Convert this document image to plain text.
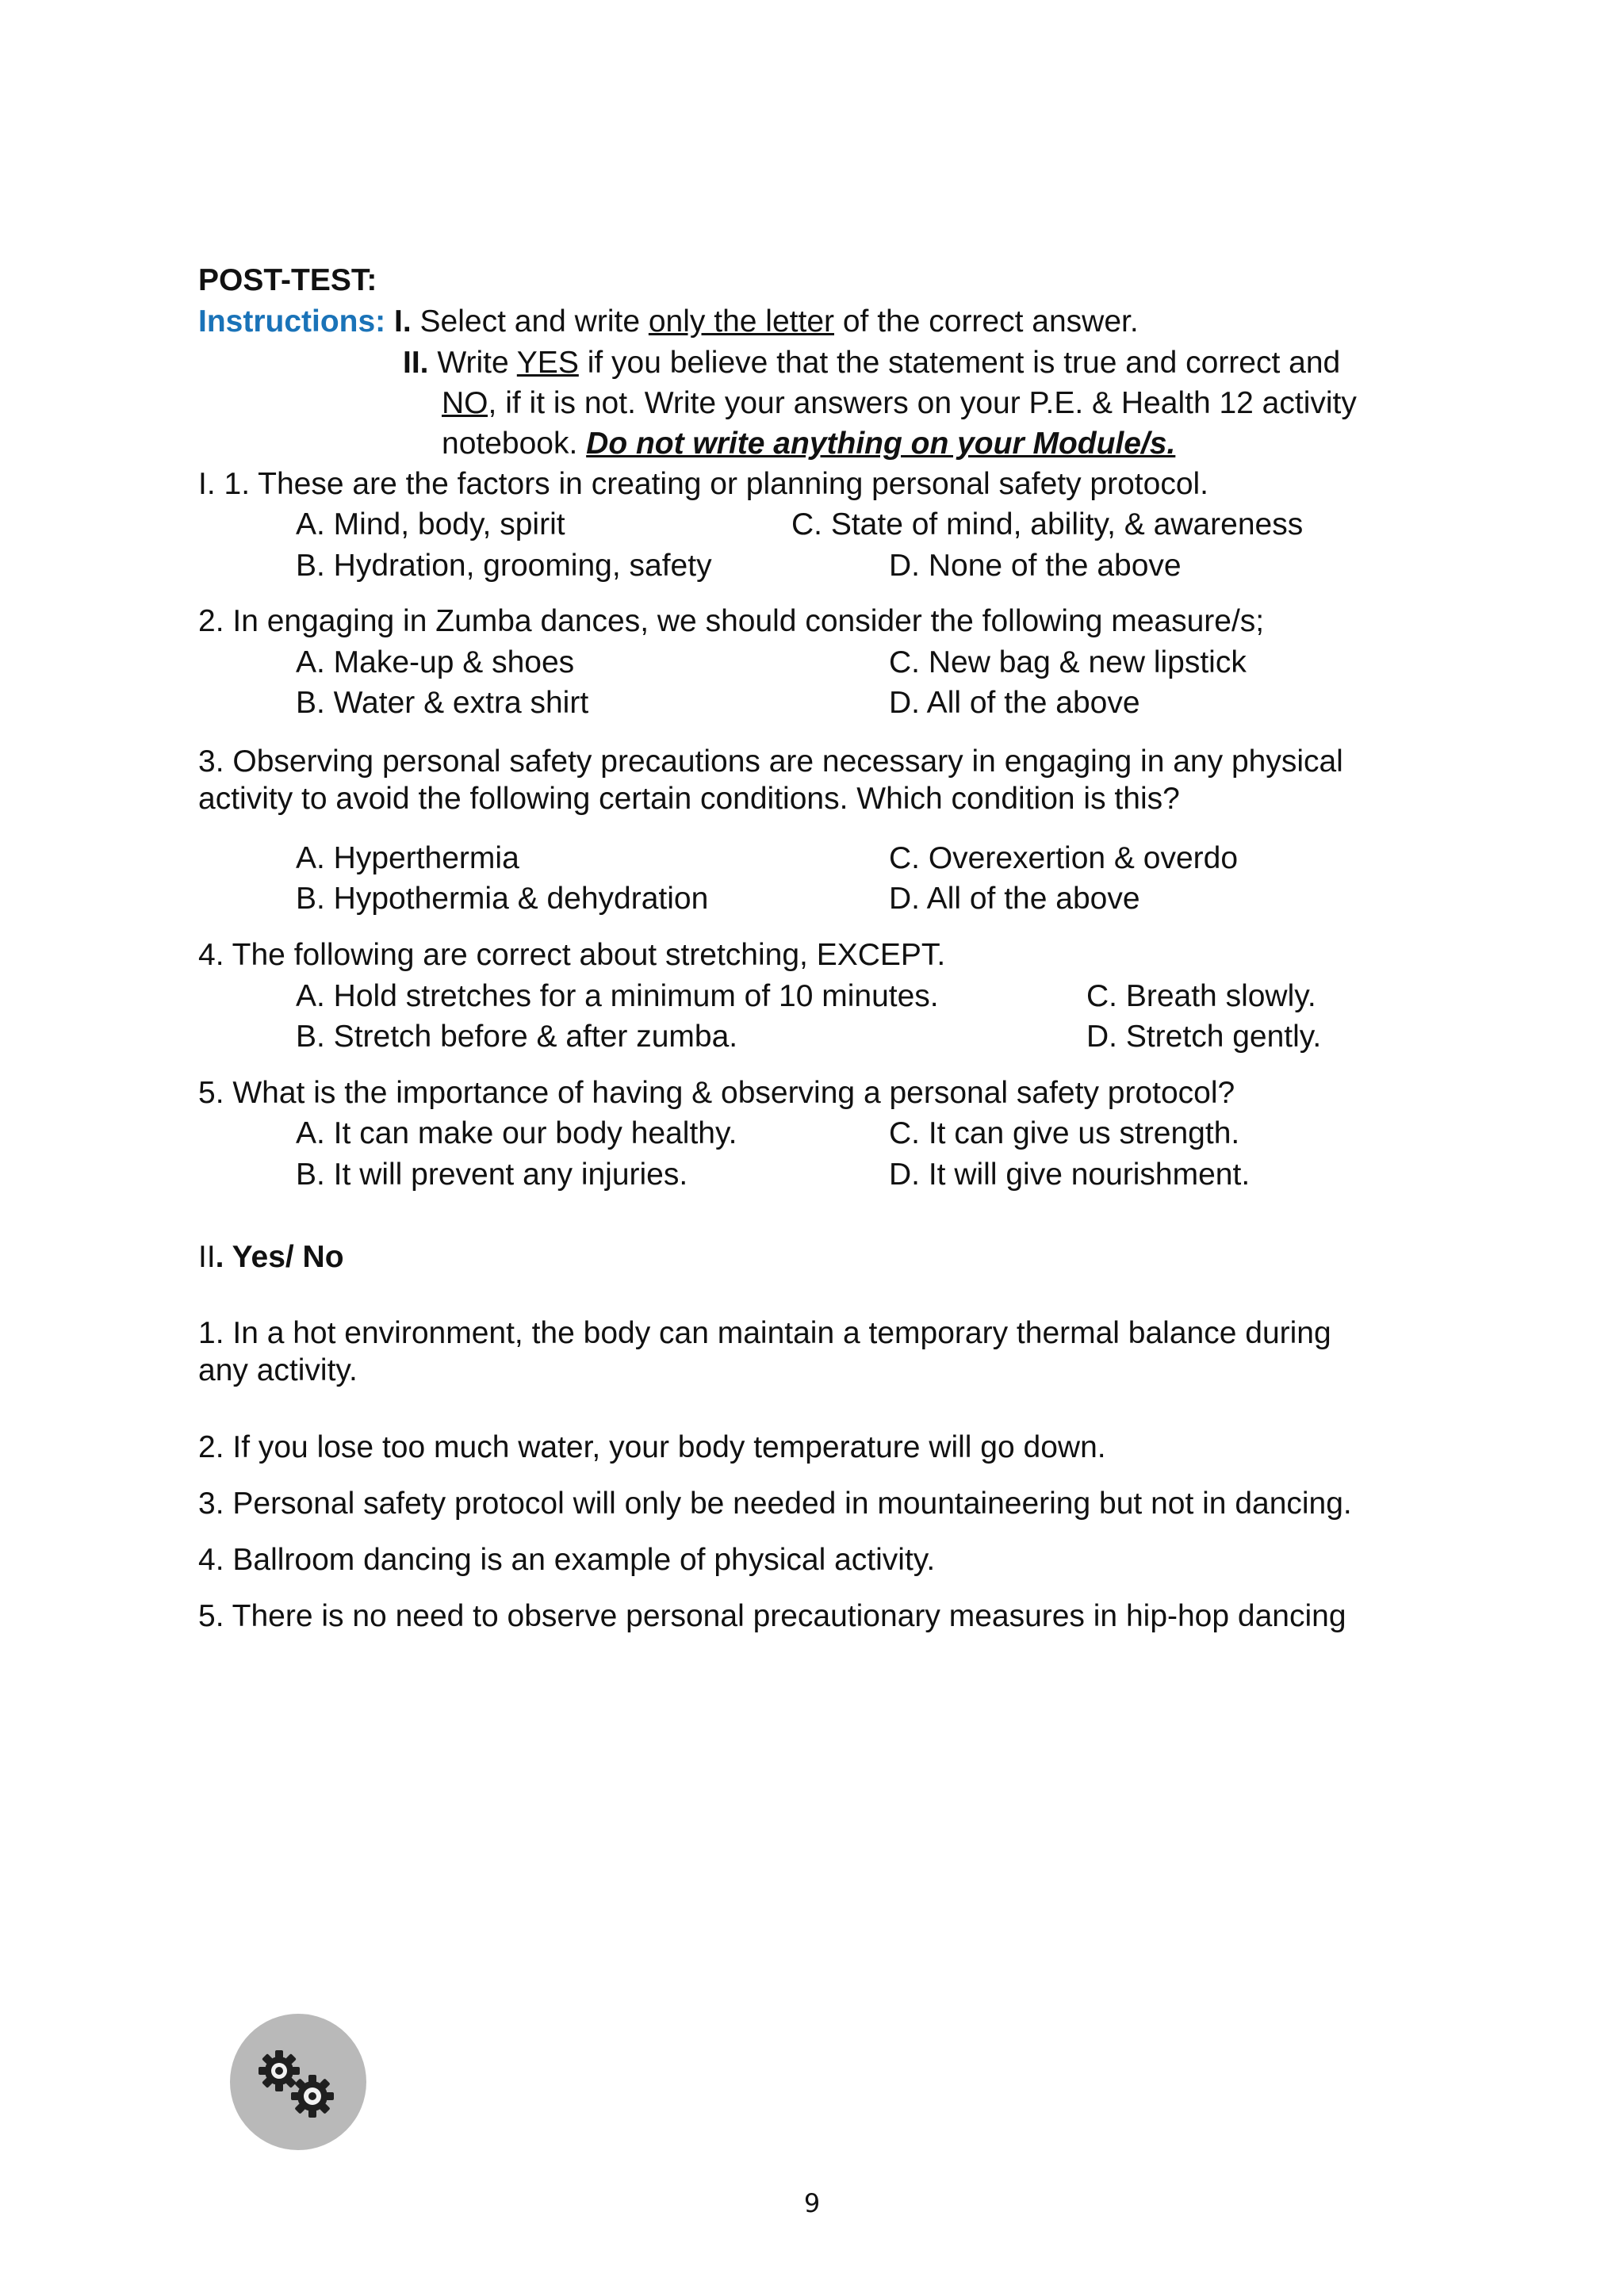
POST-TEST:
Instructions: I. Select and write only the letter of the correct answer.
II. Write YES if you believe that the statement is true and correct and
NO, if it is not. Write your answers on your P.E. & Health 12 activity
notebook. Do not write anything on your Module/s.
I. 1. These are the factors in creating or planning personal safety protocol.
A. Mind, body, spirit	C. State of mind, ability, & awareness
B. Hydration, grooming, safety	D. None of the above
2. In engaging in Zumba dances, we should consider the following measure/s;
A. Make-up & shoes	C. New bag & new lipstick
B. Water & extra shirt	D. All of the above
3. Observing personal safety precautions are necessary in engaging in any physical
activity to avoid the following certain conditions. Which condition is this?
A. Hyperthermia	C. Overexertion & overdo
B. Hypothermia & dehydration	D. All of the above
4. The following are correct about stretching, EXCEPT.
A. Hold stretches for a minimum of 10 minutes.	C. Breath slowly.
B. Stretch before & after zumba.	D. Stretch gently.
5. What is the importance of having & observing a personal safety protocol?
A. It can make our body healthy.	C. It can give us strength.
B. It will prevent any injuries.	D. It will give nourishment.
II. Yes/ No
1. In a hot environment, the body can maintain a temporary thermal balance during
any activity.
2. If you lose too much water, your body temperature will go down.
3. Personal safety protocol will only be needed in mountaineering but not in dancing.
4. Ballroom dancing is an example of physical activity.
5. There is no need to observe personal precautionary measures in hip-hop dancing
9
